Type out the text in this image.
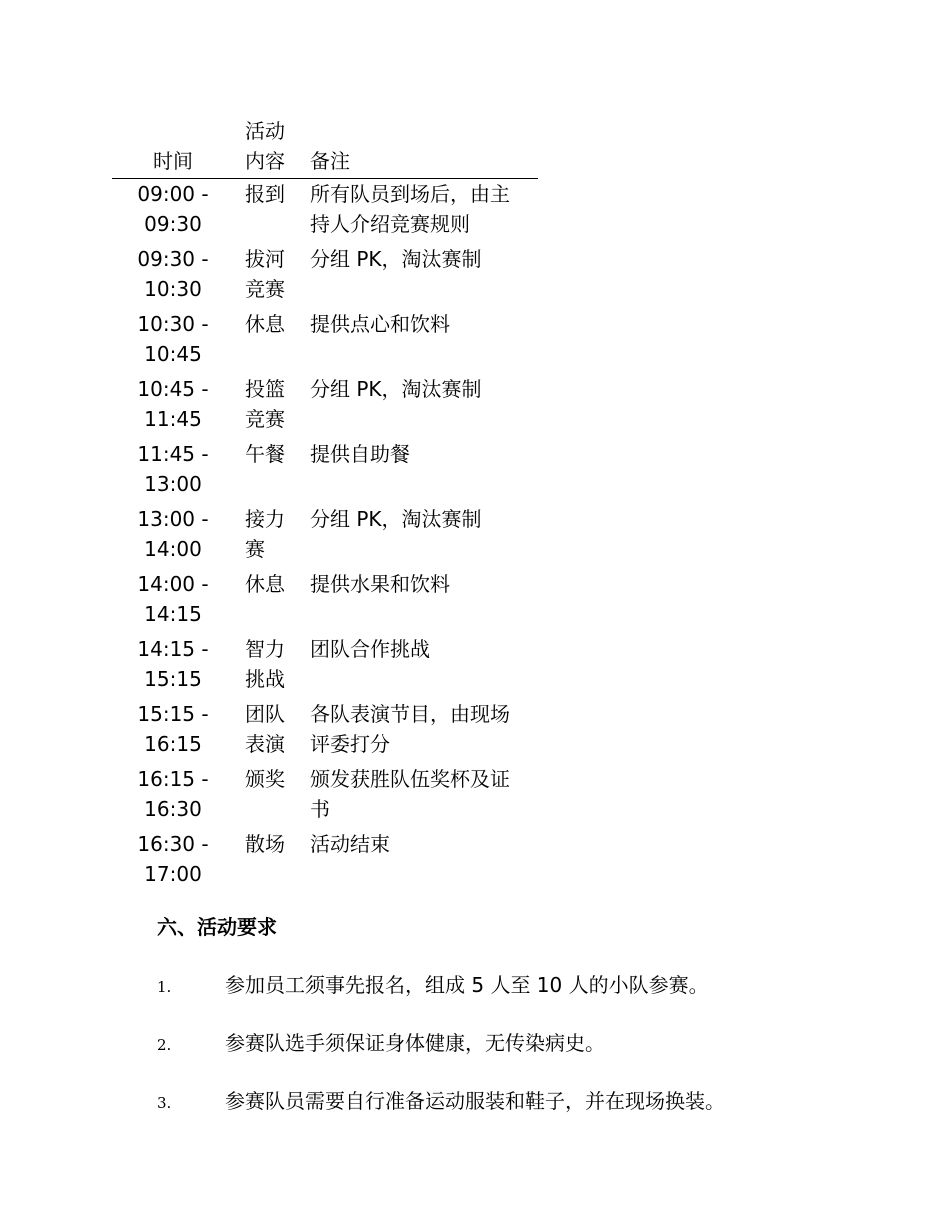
时间	活动内容	备注
09:00 - 09:30	报到	所有队员到场后，由主持人介绍竞赛规则
09:30 - 10:30	拔河竞赛	分组 PK，淘汰赛制
10:30 - 10:45	休息	提供点心和饮料
10:45 - 11:45	投篮竞赛	分组 PK，淘汰赛制
11:45 - 13:00	午餐	提供自助餐
13:00 - 14:00	接力赛	分组 PK，淘汰赛制
14:00 - 14:15	休息	提供水果和饮料
14:15 - 15:15	智力挑战	团队合作挑战
15:15 - 16:15	团队表演	各队表演节目，由现场评委打分
16:15 - 16:30	颁奖	颁发获胜队伍奖杯及证书
16:30 - 17:00	散场	活动结束
六、活动要求
1.	参加员工须事先报名，组成 5 人至 10 人的小队参赛。
2.	参赛队选手须保证身体健康，无传染病史。
3.	参赛队员需要自行准备运动服装和鞋子，并在现场换装。
